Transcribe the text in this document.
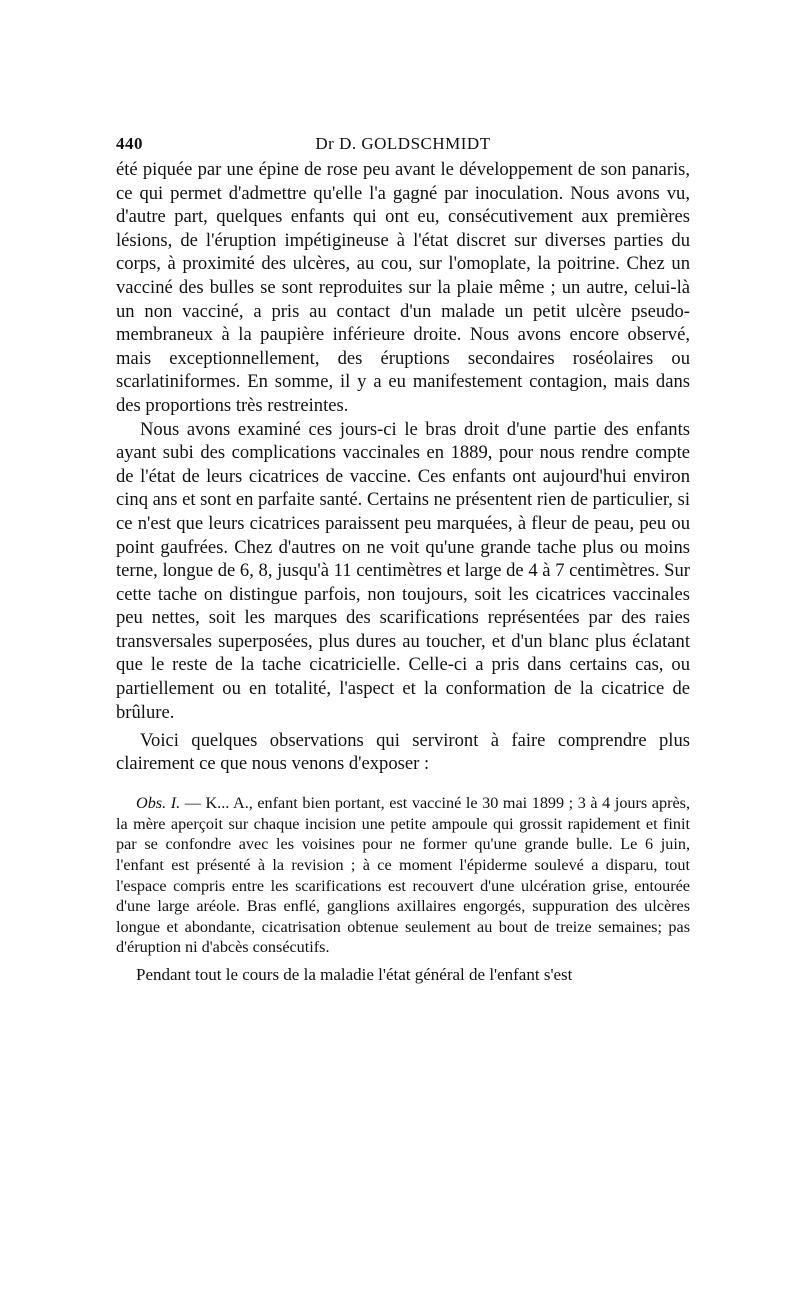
440	Dr D. GOLDSCHMIDT

été piquée par une épine de rose peu avant le développement de son panaris, ce qui permet d'admettre qu'elle l'a gagné par inoculation. Nous avons vu, d'autre part, quelques enfants qui ont eu, consécutivement aux premières lésions, de l'éruption impétigineuse à l'état discret sur diverses parties du corps, à proximité des ulcères, au cou, sur l'omoplate, la poitrine. Chez un vacciné des bulles se sont reproduites sur la plaie même ; un autre, celui-là un non vacciné, a pris au contact d'un malade un petit ulcère pseudo-membraneux à la paupière inférieure droite. Nous avons encore observé, mais exceptionnellement, des éruptions secondaires roséolaires ou scarlatiniformes. En somme, il y a eu manifestement contagion, mais dans des proportions très restreintes.

Nous avons examiné ces jours-ci le bras droit d'une partie des enfants ayant subi des complications vaccinales en 1889, pour nous rendre compte de l'état de leurs cicatrices de vaccine. Ces enfants ont aujourd'hui environ cinq ans et sont en parfaite santé. Certains ne présentent rien de particulier, si ce n'est que leurs cicatrices paraissent peu marquées, à fleur de peau, peu ou point gaufrées. Chez d'autres on ne voit qu'une grande tache plus ou moins terne, longue de 6, 8, jusqu'à 11 centimètres et large de 4 à 7 centimètres. Sur cette tache on distingue parfois, non toujours, soit les cicatrices vaccinales peu nettes, soit les marques des scarifications représentées par des raies transversales superposées, plus dures au toucher, et d'un blanc plus éclatant que le reste de la tache cicatricielle. Celle-ci a pris dans certains cas, ou partiellement ou en totalité, l'aspect et la conformation de la cicatrice de brûlure.

Voici quelques observations qui serviront à faire comprendre plus clairement ce que nous venons d'exposer :

Obs. I. — K... A., enfant bien portant, est vacciné le 30 mai 1899 ; 3 à 4 jours après, la mère aperçoit sur chaque incision une petite ampoule qui grossit rapidement et finit par se confondre avec les voisines pour ne former qu'une grande bulle. Le 6 juin, l'enfant est présenté à la revision ; à ce moment l'épiderme soulevé a disparu, tout l'espace compris entre les scarifications est recouvert d'une ulcération grise, entourée d'une large aréole. Bras enflé, ganglions axillaires engorgés, suppuration des ulcères longue et abondante, cicatrisation obtenue seulement au bout de treize semaines; pas d'éruption ni d'abcès consécutifs.

Pendant tout le cours de la maladie l'état général de l'enfant s'est
